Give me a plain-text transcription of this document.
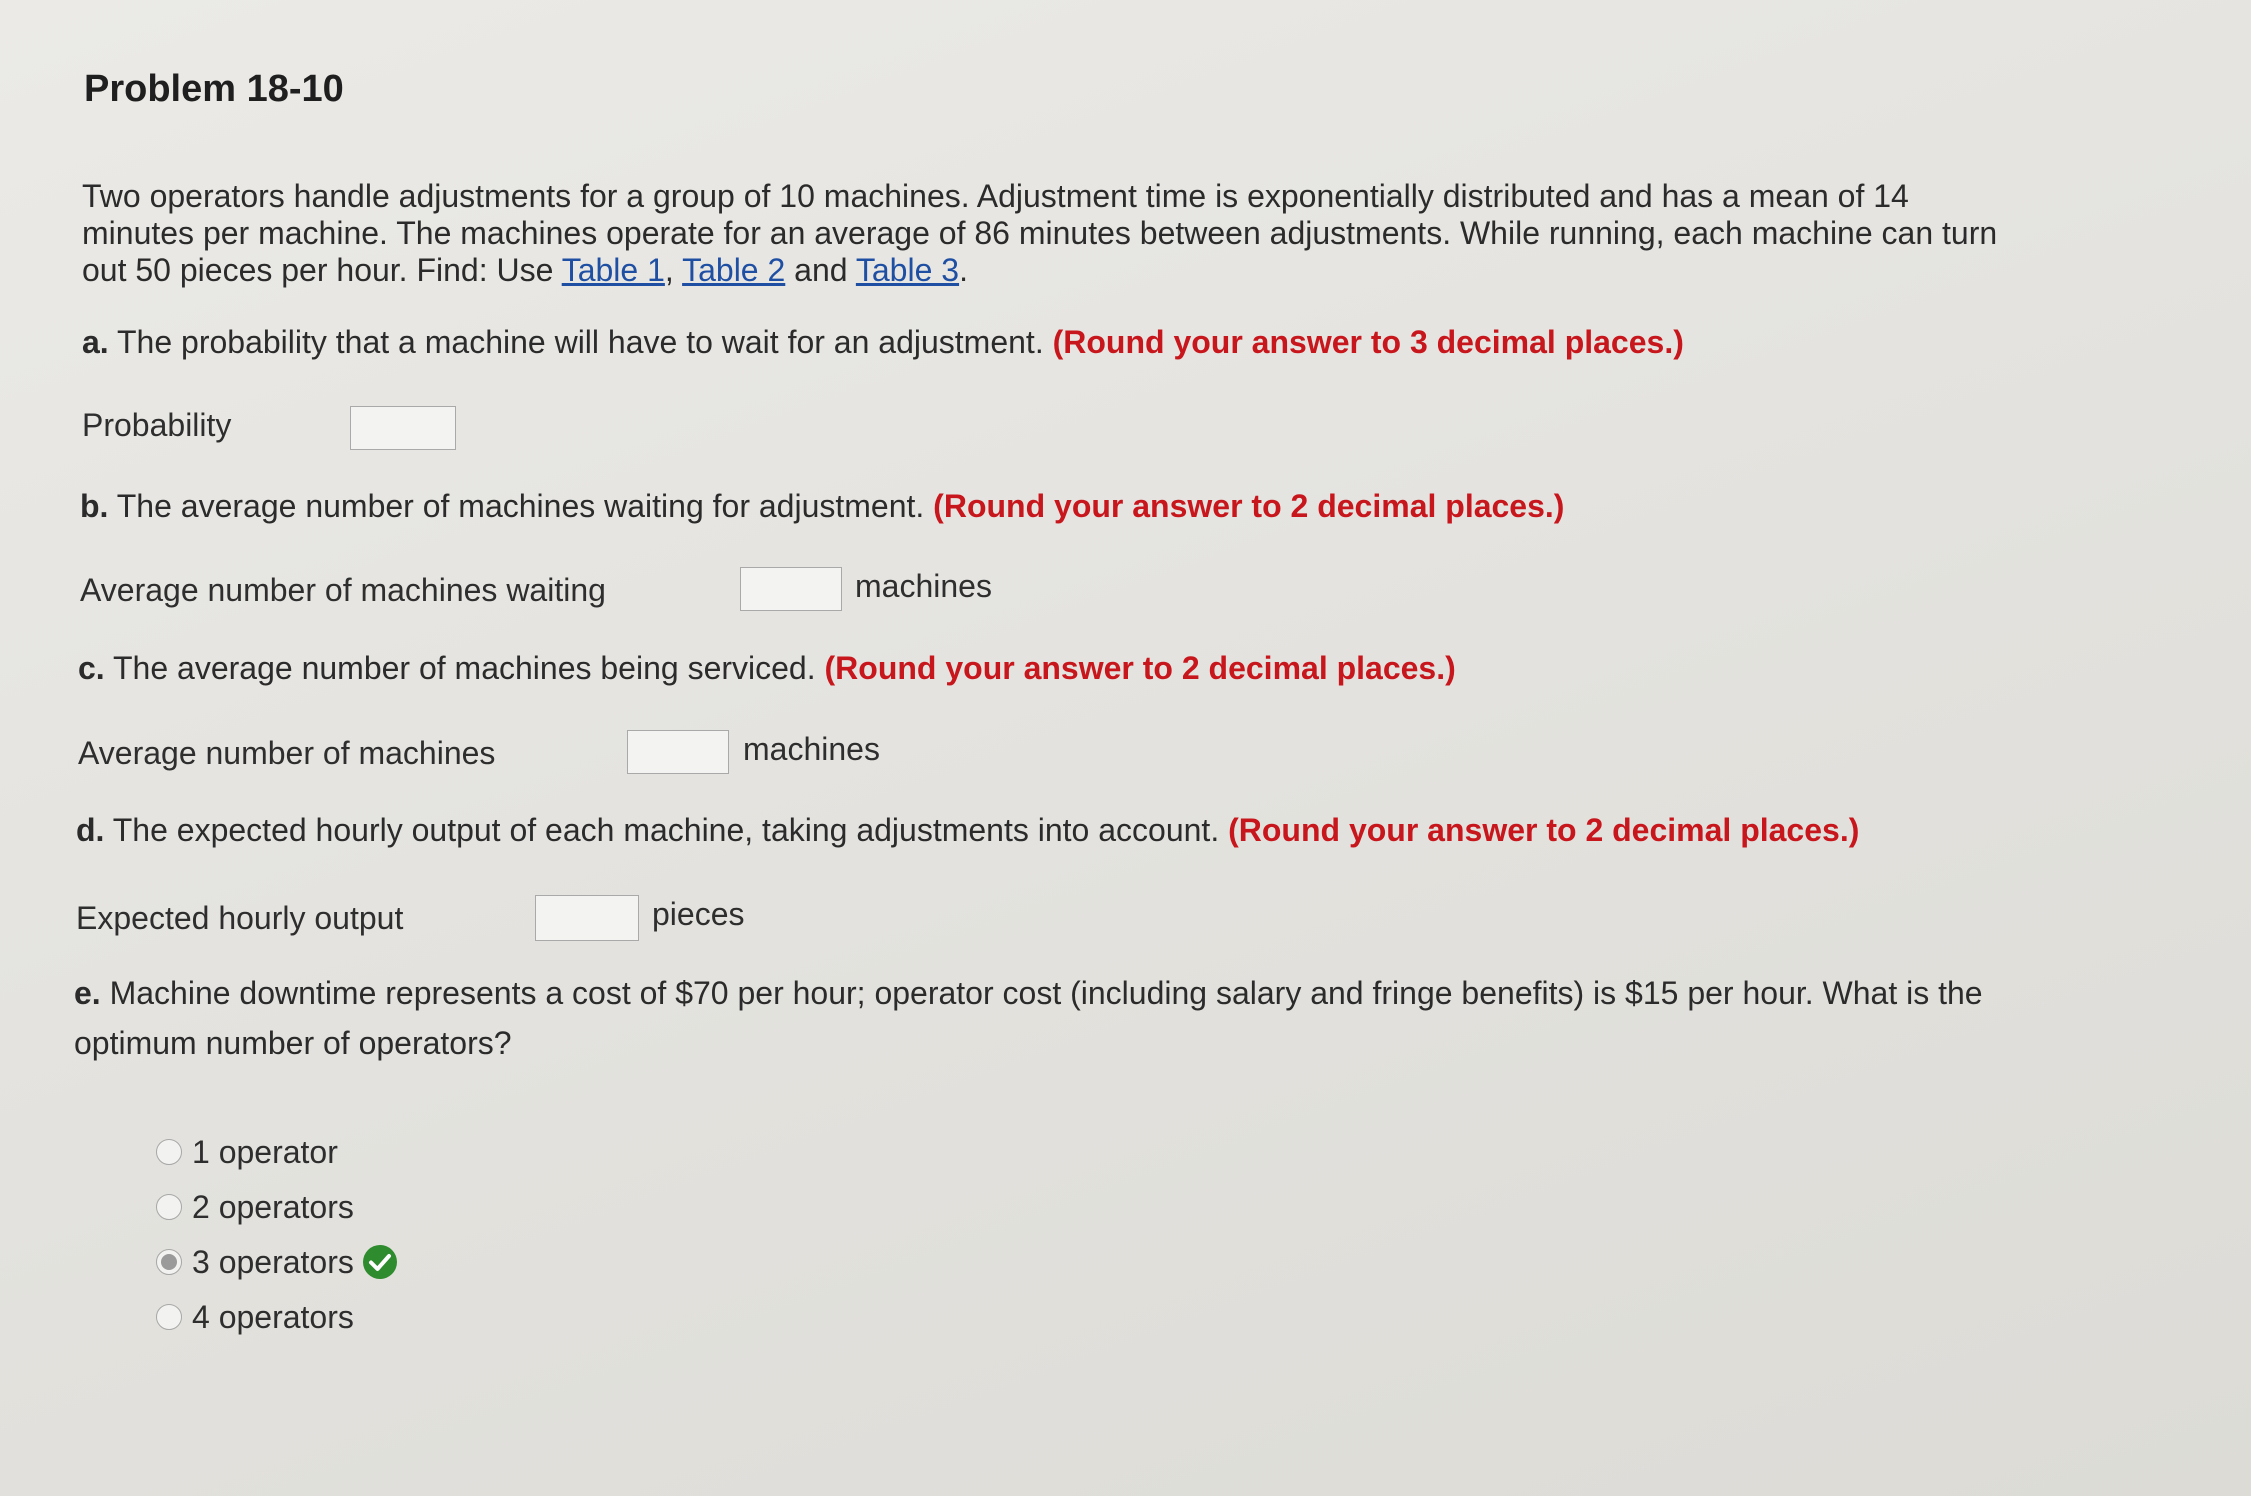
Problem 18-10
Two operators handle adjustments for a group of 10 machines. Adjustment time is exponentially distributed and has a mean of 14 minutes per machine. The machines operate for an average of 86 minutes between adjustments. While running, each machine can turn out 50 pieces per hour. Find: Use Table 1, Table 2 and Table 3.
a. The probability that a machine will have to wait for an adjustment. (Round your answer to 3 decimal places.)
Probability
b. The average number of machines waiting for adjustment. (Round your answer to 2 decimal places.)
Average number of machines waiting	machines
c. The average number of machines being serviced. (Round your answer to 2 decimal places.)
Average number of machines	machines
d. The expected hourly output of each machine, taking adjustments into account. (Round your answer to 2 decimal places.)
Expected hourly output	pieces
e. Machine downtime represents a cost of $70 per hour; operator cost (including salary and fringe benefits) is $15 per hour. What is the optimum number of operators?
1 operator
2 operators
3 operators
4 operators
